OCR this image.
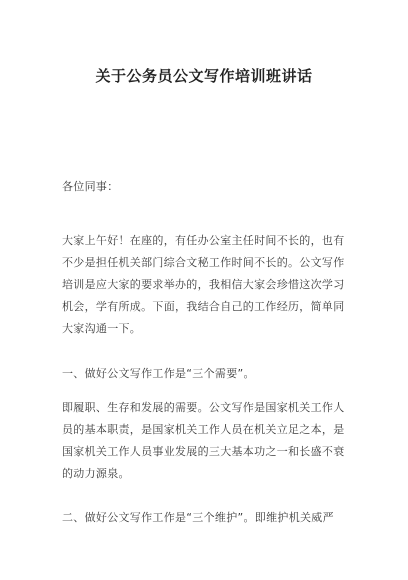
关于公务员公文写作培训班讲话
各位同事：
大家上午好！在座的，有任办公室主任时间不长的，也有
不少是担任机关部门综合文秘工作时间不长的。公文写作
培训是应大家的要求举办的，我相信大家会珍惜这次学习
机会，学有所成。下面，我结合自己的工作经历，简单同
大家沟通一下。
一、做好公文写作工作是“三个需要”。
即履职、生存和发展的需要。公文写作是国家机关工作人
员的基本职责，是国家机关工作人员在机关立足之本，是
国家机关工作人员事业发展的三大基本功之一和长盛不衰
的动力源泉。
二、做好公文写作工作是“三个维护”。即维护机关威严
